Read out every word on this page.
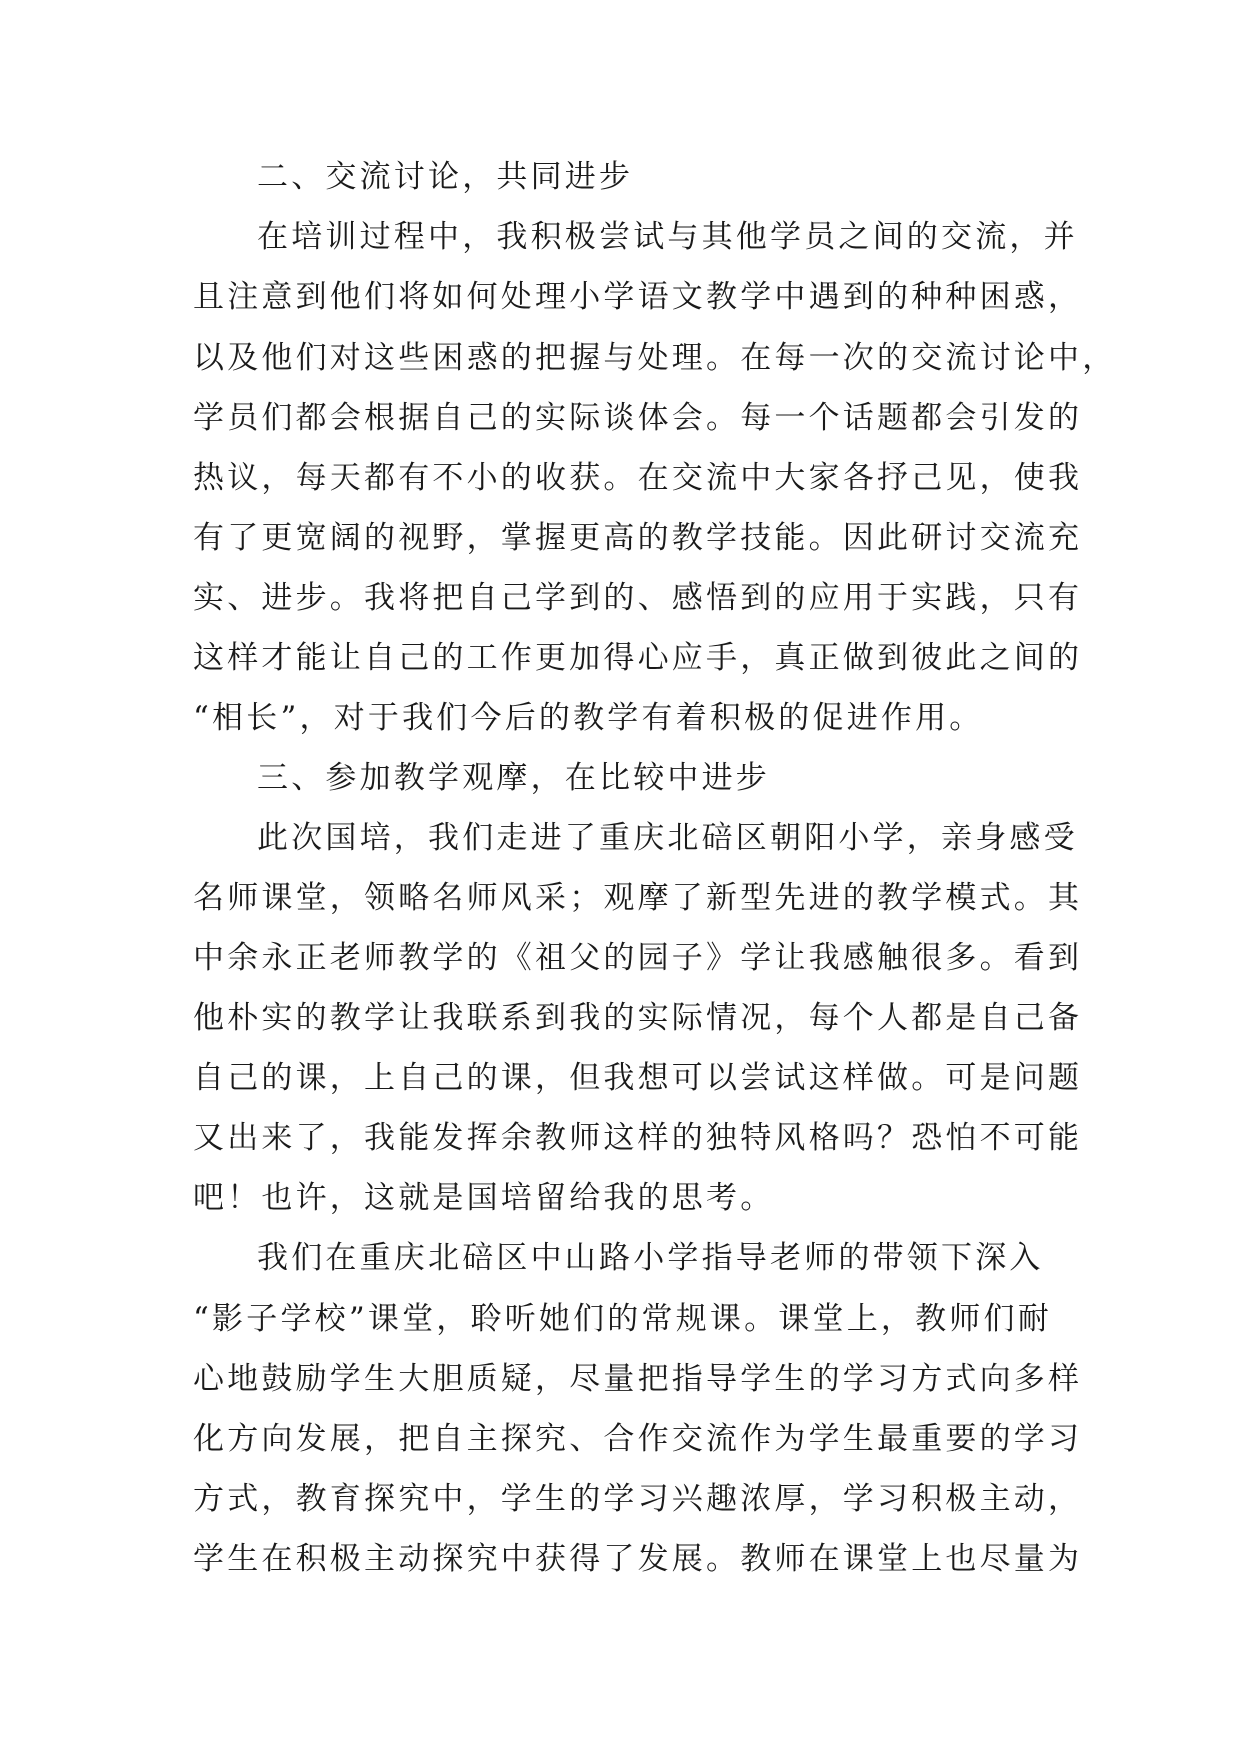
二、交流讨论，共同进步
在培训过程中，我积极尝试与其他学员之间的交流，并
且注意到他们将如何处理小学语文教学中遇到的种种困惑，
以及他们对这些困惑的把握与处理。在每一次的交流讨论中，
学员们都会根据自己的实际谈体会。每一个话题都会引发的
热议，每天都有不小的收获。在交流中大家各抒己见，使我
有了更宽阔的视野，掌握更高的教学技能。因此研讨交流充
实、进步。我将把自己学到的、感悟到的应用于实践，只有
这样才能让自己的工作更加得心应手，真正做到彼此之间的
“相长”，对于我们今后的教学有着积极的促进作用。
三、参加教学观摩，在比较中进步
此次国培，我们走进了重庆北碚区朝阳小学，亲身感受
名师课堂，领略名师风采；观摩了新型先进的教学模式。其
中余永正老师教学的《祖父的园子》学让我感触很多。看到
他朴实的教学让我联系到我的实际情况，每个人都是自己备
自己的课，上自己的课，但我想可以尝试这样做。可是问题
又出来了，我能发挥余教师这样的独特风格吗？恐怕不可能
吧！也许，这就是国培留给我的思考。
我们在重庆北碚区中山路小学指导老师的带领下深入
“影子学校”课堂，聆听她们的常规课。课堂上，教师们耐
心地鼓励学生大胆质疑，尽量把指导学生的学习方式向多样
化方向发展，把自主探究、合作交流作为学生最重要的学习
方式，教育探究中，学生的学习兴趣浓厚，学习积极主动，
学生在积极主动探究中获得了发展。教师在课堂上也尽量为
